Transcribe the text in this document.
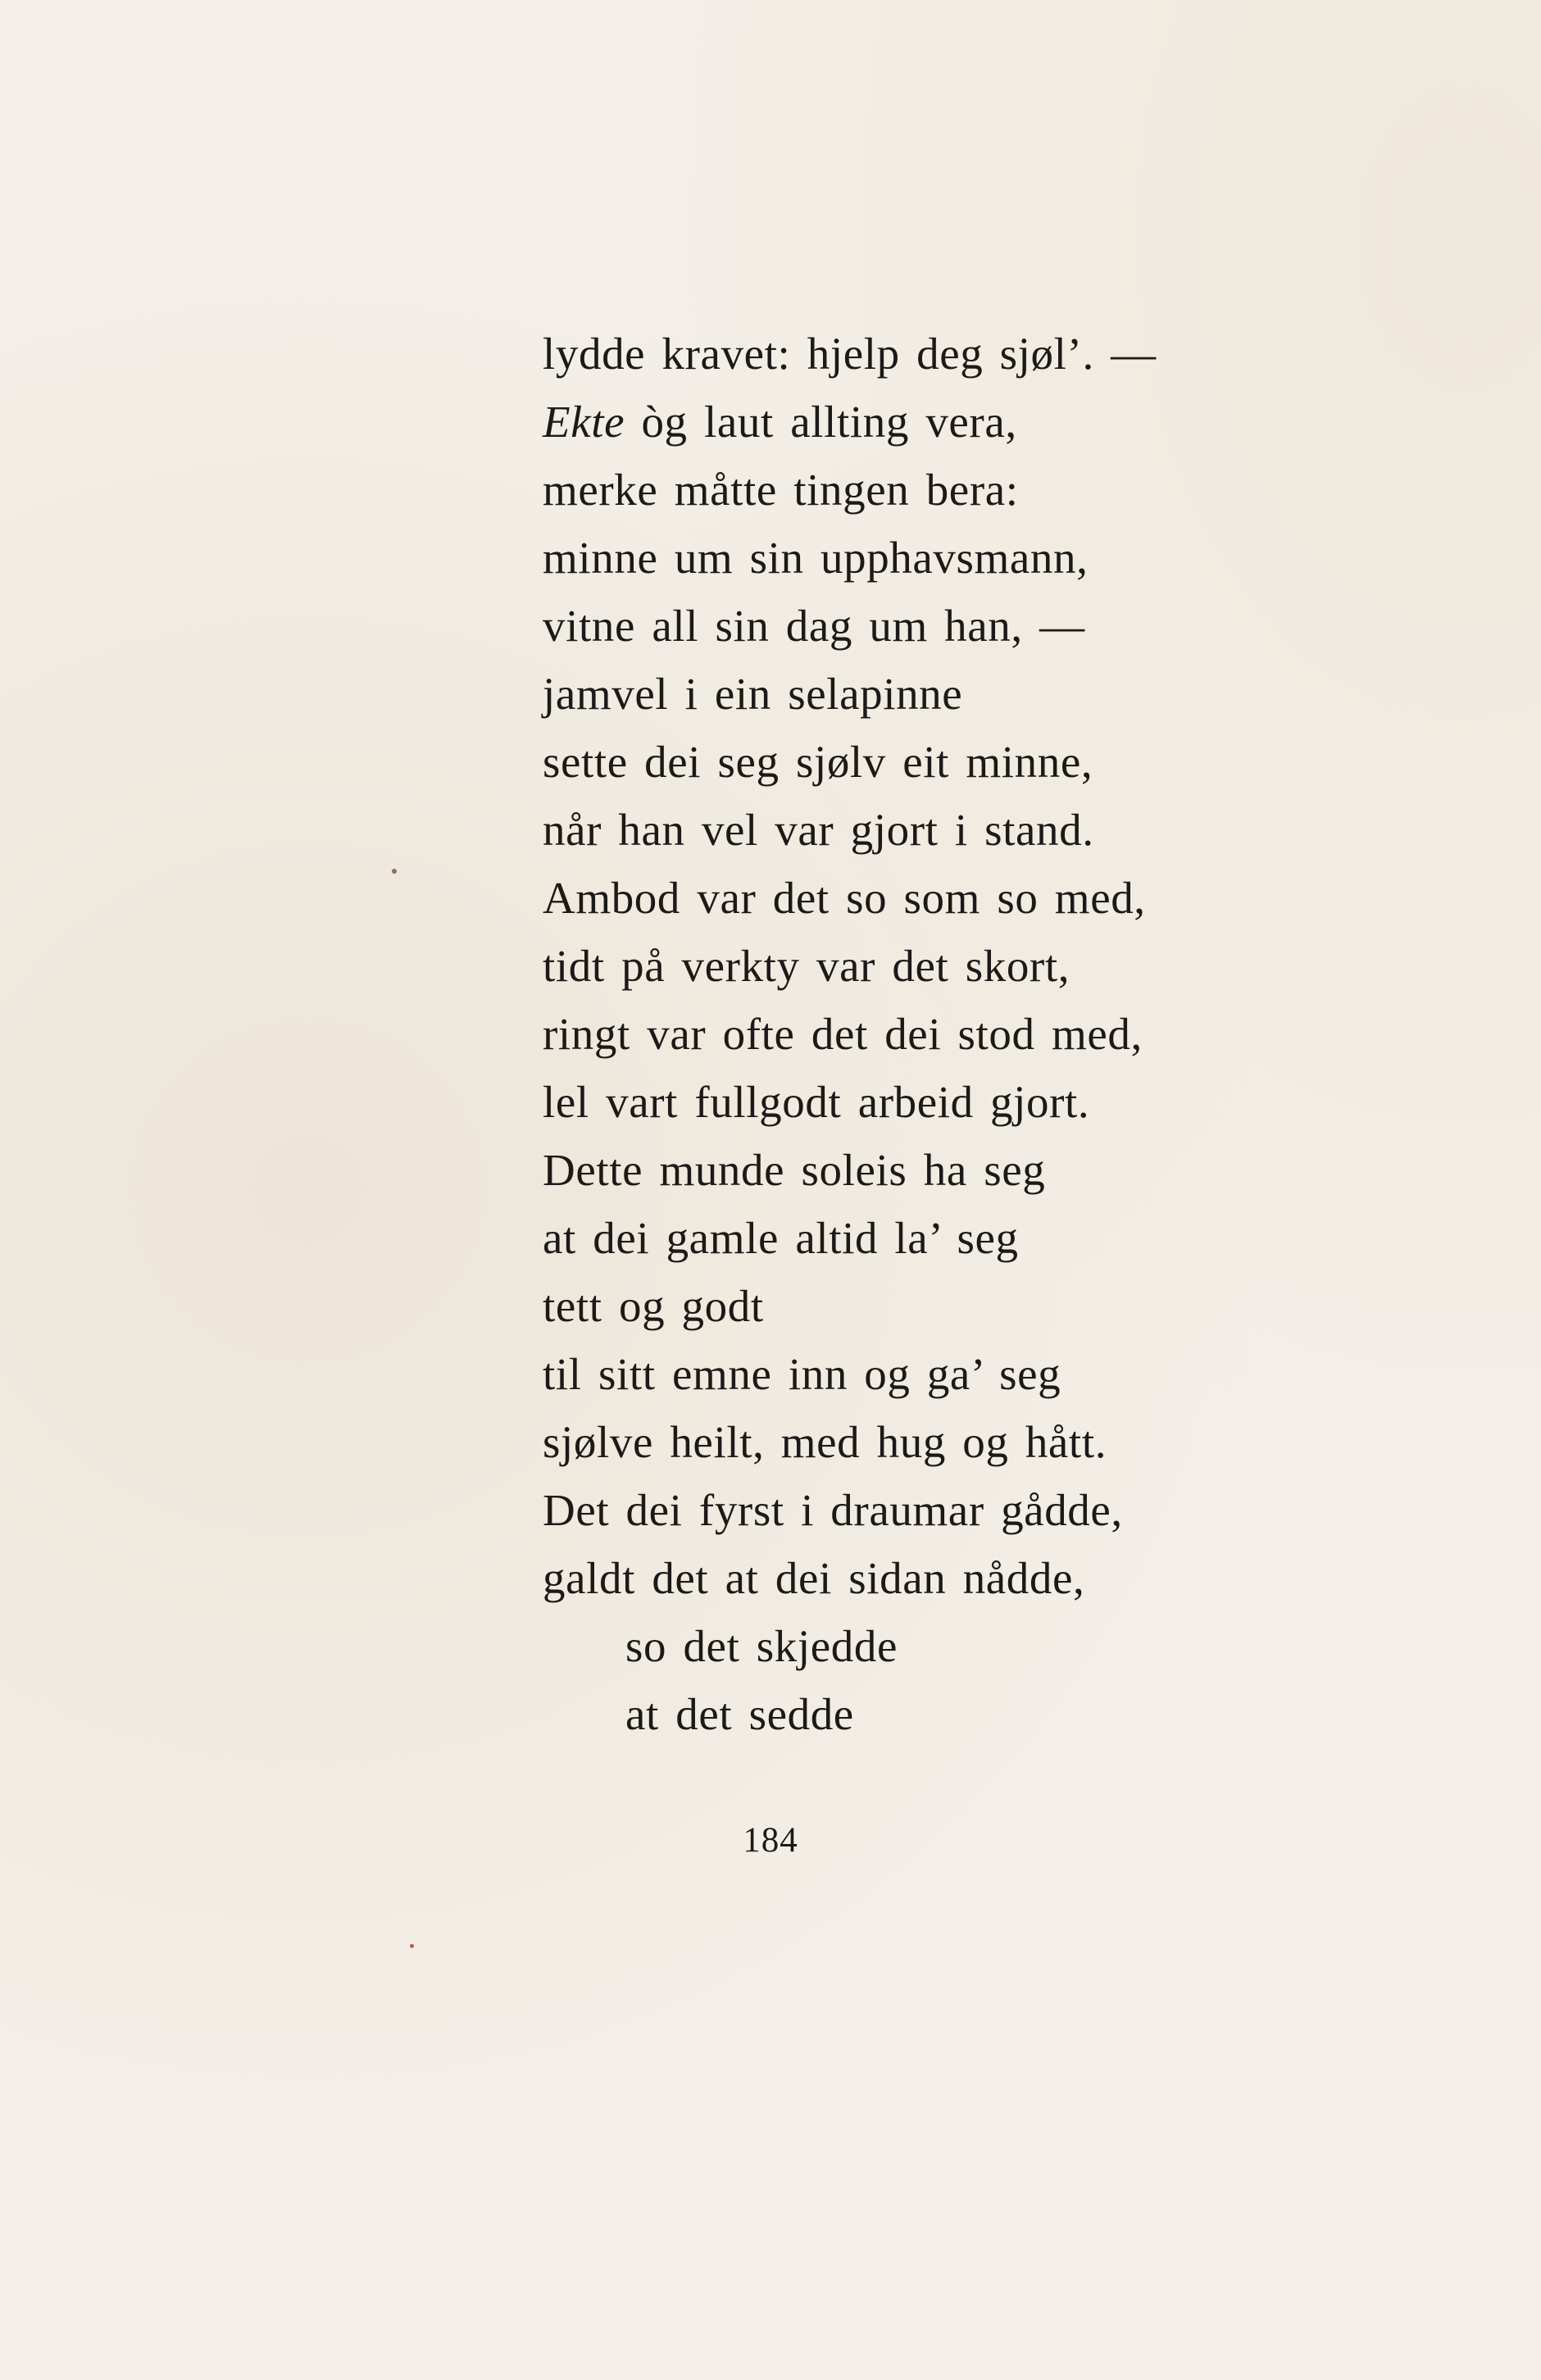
lydde kravet: hjelp deg sjøl’. —
Ekte òg laut allting vera,
merke måtte tingen bera:
minne um sin upphavsmann,
vitne all sin dag um han, —
jamvel i ein selapinne
sette dei seg sjølv eit minne,
når han vel var gjort i stand.
Ambod var det so som so med,
tidt på verkty var det skort,
ringt var ofte det dei stod med,
lel vart fullgodt arbeid gjort.
Dette munde soleis ha seg
at dei gamle altid la’ seg
tett og godt
til sitt emne inn og ga’ seg
sjølve heilt, med hug og hått.
Det dei fyrst i draumar gådde,
galdt det at dei sidan nådde,
so det skjedde
at det sedde
184
